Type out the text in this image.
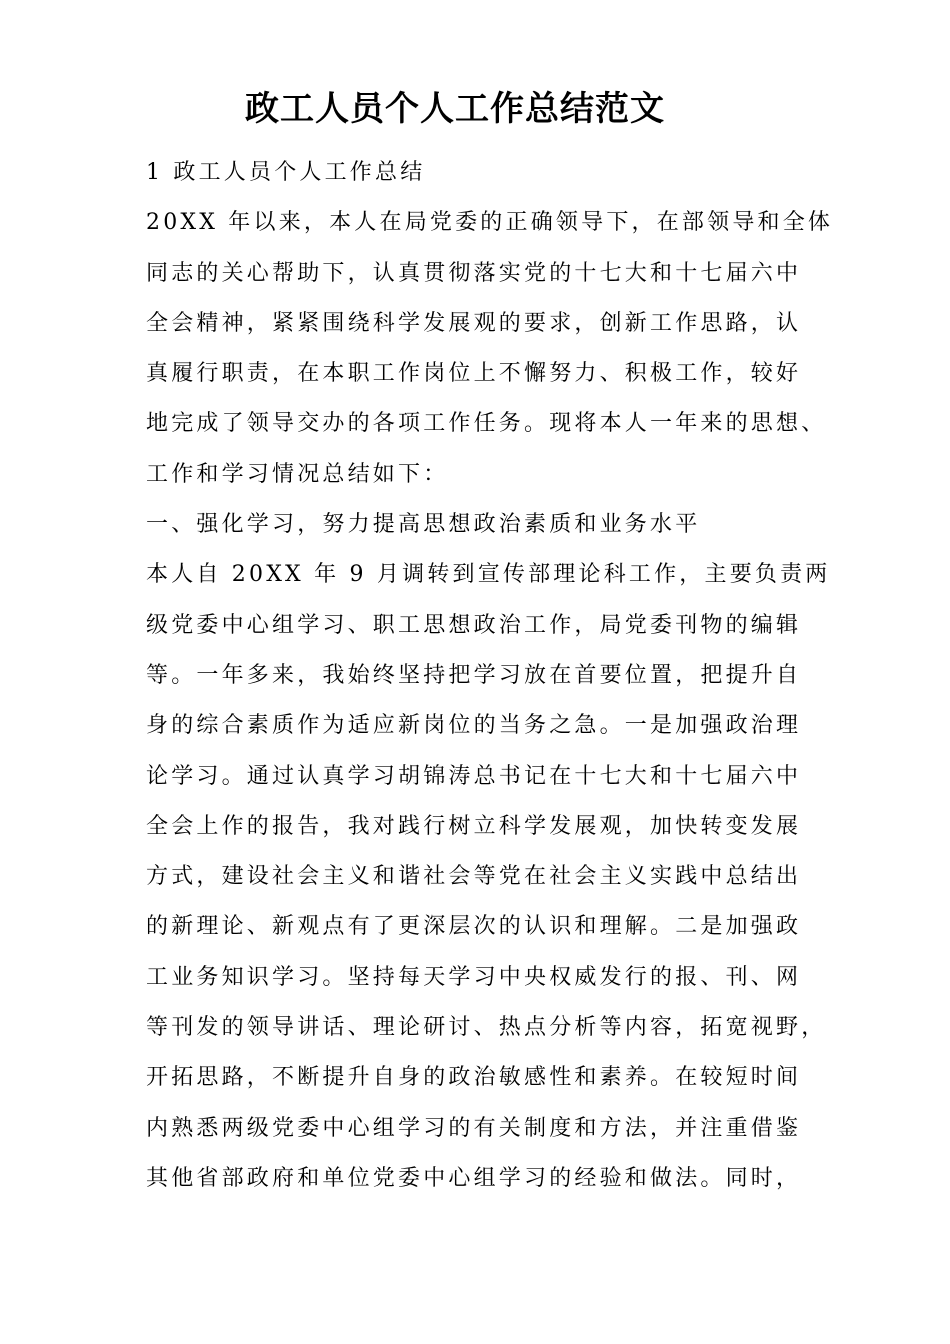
政工人员个人工作总结范文
1 政工人员个人工作总结
20XX 年以来，本人在局党委的正确领导下，在部领导和全体
同志的关心帮助下，认真贯彻落实党的十七大和十七届六中
全会精神，紧紧围绕科学发展观的要求，创新工作思路，认
真履行职责，在本职工作岗位上不懈努力、积极工作，较好
地完成了领导交办的各项工作任务。现将本人一年来的思想、
工作和学习情况总结如下：
一、强化学习，努力提高思想政治素质和业务水平
本人自 20XX 年 9 月调转到宣传部理论科工作，主要负责两
级党委中心组学习、职工思想政治工作，局党委刊物的编辑
等。一年多来，我始终坚持把学习放在首要位置，把提升自
身的综合素质作为适应新岗位的当务之急。一是加强政治理
论学习。通过认真学习胡锦涛总书记在十七大和十七届六中
全会上作的报告，我对践行树立科学发展观，加快转变发展
方式，建设社会主义和谐社会等党在社会主义实践中总结出
的新理论、新观点有了更深层次的认识和理解。二是加强政
工业务知识学习。坚持每天学习中央权威发行的报、刊、网
等刊发的领导讲话、理论研讨、热点分析等内容，拓宽视野，
开拓思路，不断提升自身的政治敏感性和素养。在较短时间
内熟悉两级党委中心组学习的有关制度和方法，并注重借鉴
其他省部政府和单位党委中心组学习的经验和做法。同时，
